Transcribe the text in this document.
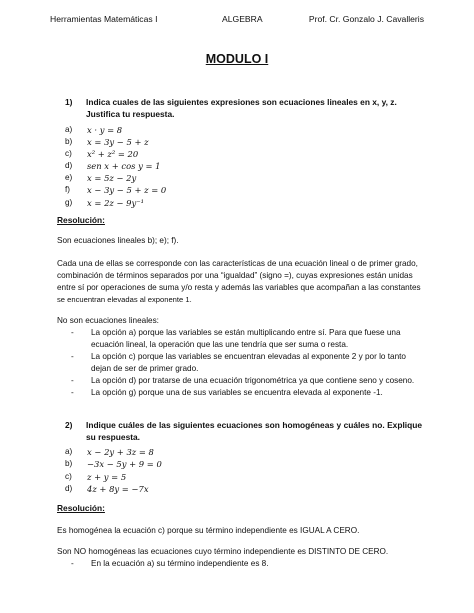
Herramientas Matemáticas I	ALGEBRA	Prof. Cr. Gonzalo J. Cavalleris
MODULO I
1)	Indica cuales de las siguientes expresiones son ecuaciones lineales en x, y, z. Justifica tu respuesta.
a)	x · y = 8
b)	x = 3y − 5 + z
c)	x² + z² = 20
d)	sen x + cos y = 1
e)	x = 5z − 2y
f)	x − 3y − 5 + z = 0
g)	x = 2z − 9y⁻¹

Resolución:

Son ecuaciones lineales b); e); f).

Cada una de ellas se corresponde con las características de una ecuación lineal o de primer grado, combinación de términos separados por una “igualdad” (signo =), cuyas expresiones están unidas entre sí por operaciones de suma y/o resta y además las variables que acompañan a las constantes

se encuentran elevadas al exponente 1.

No son ecuaciones lineales:

-	La opción a) porque las variables se están multiplicando entre sí. Para que fuese una ecuación lineal, la operación que las une tendría que ser suma o resta.
-	La opción c) porque las variables se encuentran elevadas al exponente 2 y por lo tanto dejan de ser de primer grado.
-	La opción d) por tratarse de una ecuación trigonométrica ya que contiene seno y coseno.
-	La opción g) porque una de sus variables se encuentra elevada al exponente -1.
2)	Indique cuáles de las siguientes ecuaciones son homogéneas y cuáles no. Explique su respuesta.
a)	x − 2y + 3z = 8
b)	−3x − 5y + 9 = 0
c)	z + y = 5
d)	4z + 8y = −7x

Resolución:

Es homogénea la ecuación c) porque su término independiente es IGUAL A CERO.

Son NO homogéneas las ecuaciones cuyo término independiente es DISTINTO DE CERO.

-	En la ecuación a) su término independiente es 8.
